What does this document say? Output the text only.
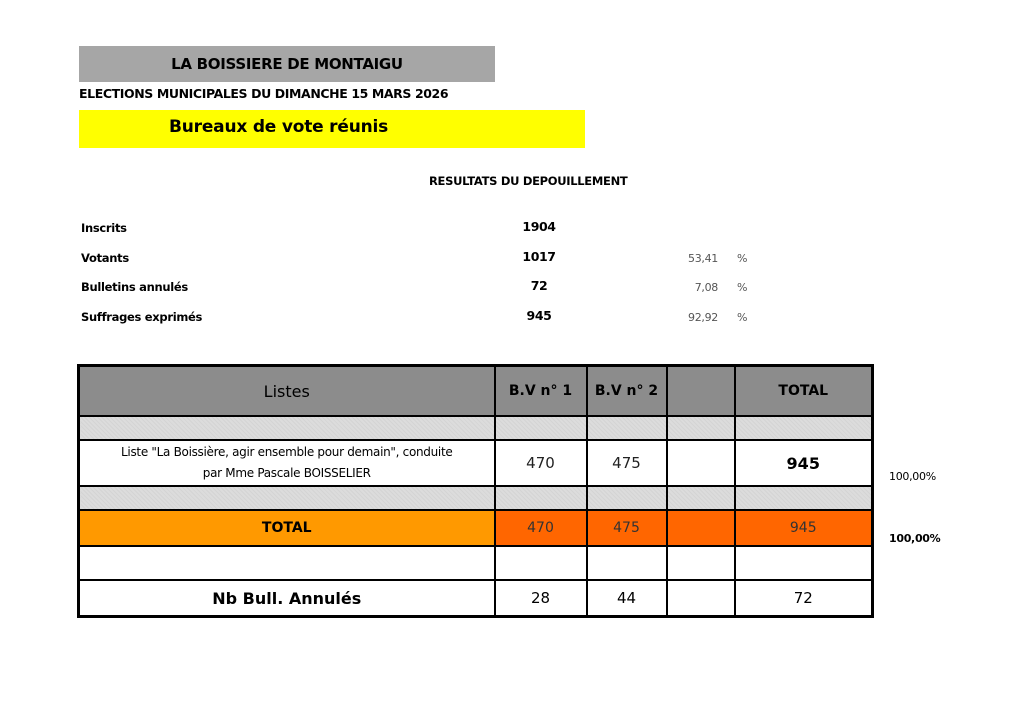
LA BOISSIERE DE MONTAIGU
ELECTIONS MUNICIPALES DU DIMANCHE 15 MARS 2026
Bureaux de vote réunis
RESULTATS DU DEPOUILLEMENT
Inscrits	1904
Votants	1017	53,41 %
Bulletins annulés	72	7,08 %
Suffrages exprimés	945	92,92 %
Listes	B.V n° 1	B.V n° 2		TOTAL

Liste "La Boissière, agir ensemble pour demain", conduite
par Mme Pascale BOISSELIER	470	475		945

TOTAL	470	475		945

Nb Bull. Annulés	28	44		72
100,00%
100,00%
